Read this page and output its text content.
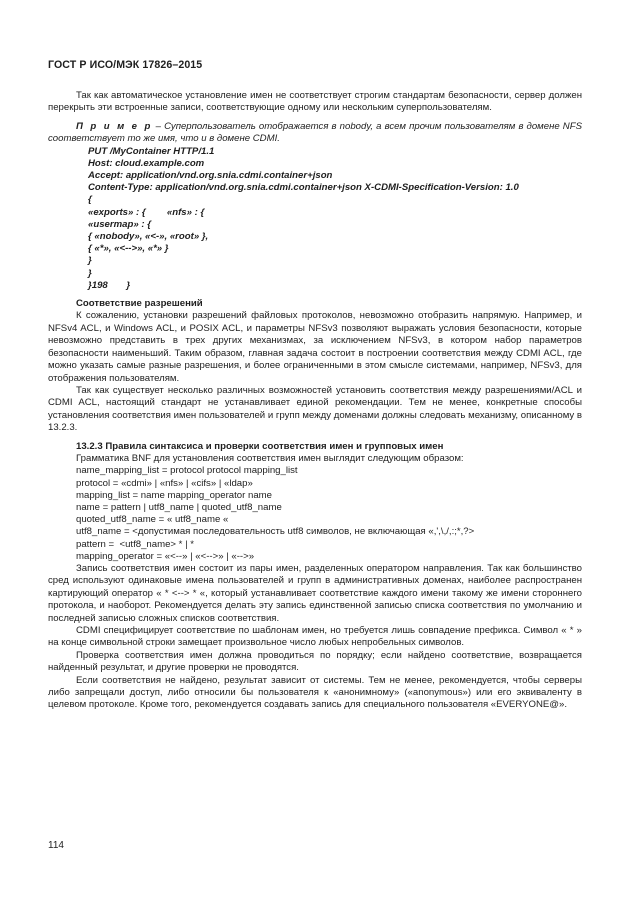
ГОСТ Р ИСО/МЭК 17826–2015

Так как автоматическое установление имен не соответствует строгим стандартам безопасности, сервер должен перекрыть эти встроенные записи, соответствующие одному или нескольким суперпользователям.

П р и м е р – Суперпользователь отображается в nobody, а всем прочим пользователям в домене NFS соответствует то же имя, что и в домене CDMI.

PUT /MyContainer HTTP/1.1
Host: cloud.example.com
Accept: application/vnd.org.snia.cdmi.container+json
Content-Type: application/vnd.org.snia.cdmi.container+json X-CDMI-Specification-Version: 1.0
{
«exports» : {        «nfs» : {
«usermap» : {
{ «nobody», «<-», «root» },
{ «*», «<-->», «*» }
}
}
}198       }
Соответствие разрешений

К сожалению, установки разрешений файловых протоколов, невозможно отобразить напрямую. Например, и NFSv4 ACL, и Windows ACL, и POSIX ACL, и параметры NFSv3 позволяют выражать условия безопасности, которые невозможно представить в трех других механизмах, за исключением NFSv3, в котором набор параметров безопасности наименьший. Таким образом, главная задача состоит в построении соответствия между CDMI ACL, где можно указать самые разные разрешения, и более ограниченными в этом смысле системами, например, NFSv3, для отображения пользователям.

Так как существует несколько различных возможностей установить соответствия между разрешениями/ACL и CDMI ACL, настоящий стандарт не устанавливает единой рекомендации. Тем не менее, конкретные способы установления соответствия имен пользователей и групп между доменами должны следовать механизму, описанному в 13.2.3.

13.2.3 Правила синтаксиса и проверки соответствия имен и групповых имен

Грамматика BNF для установления соответствия имен выглядит следующим образом:

name_mapping_list = protocol protocol mapping_list
protocol = «cdmi» | «nfs» | «cifs» | «ldap»
mapping_list = name mapping_operator name
name = pattern | utf8_name | quoted_utf8_name
quoted_utf8_name = « utf8_name «
utf8_name = <допустимая последовательность utf8 символов, не включающая «,',\,/,:;*,?>
pattern =  <utf8_name> * | *
mapping_operator = «<--» | «<-->» | «-->»

Запись соответствия имен состоит из пары имен, разделенных оператором направления. Так как большинство сред используют одинаковые имена пользователей и групп в административных доменах, наиболее распространен картирующий оператор « * <--> * «, который устанавливает соответствие каждого имени такому же имени стороннего протокола, и наоборот. Рекомендуется делать эту запись единственной записью списка соответствия по умолчанию и последней записью сложных списков соответствия.

CDMI специфицирует соответствие по шаблонам имен, но требуется лишь совпадение префикса. Символ « * » на конце символьной строки замещает произвольное число любых непробельных символов.

Проверка соответствия имен должна проводиться по порядку; если найдено соответствие, возвращается найденный результат, и другие проверки не проводятся.

Если соответствия не найдено, результат зависит от системы. Тем не менее, рекомендуется, чтобы серверы либо запрещали доступ, либо относили бы пользователя к «анонимному» («anonymous») или его эквиваленту в целевом протоколе. Кроме того, рекомендуется создавать запись для специального пользователя «EVERYONE@».

114
